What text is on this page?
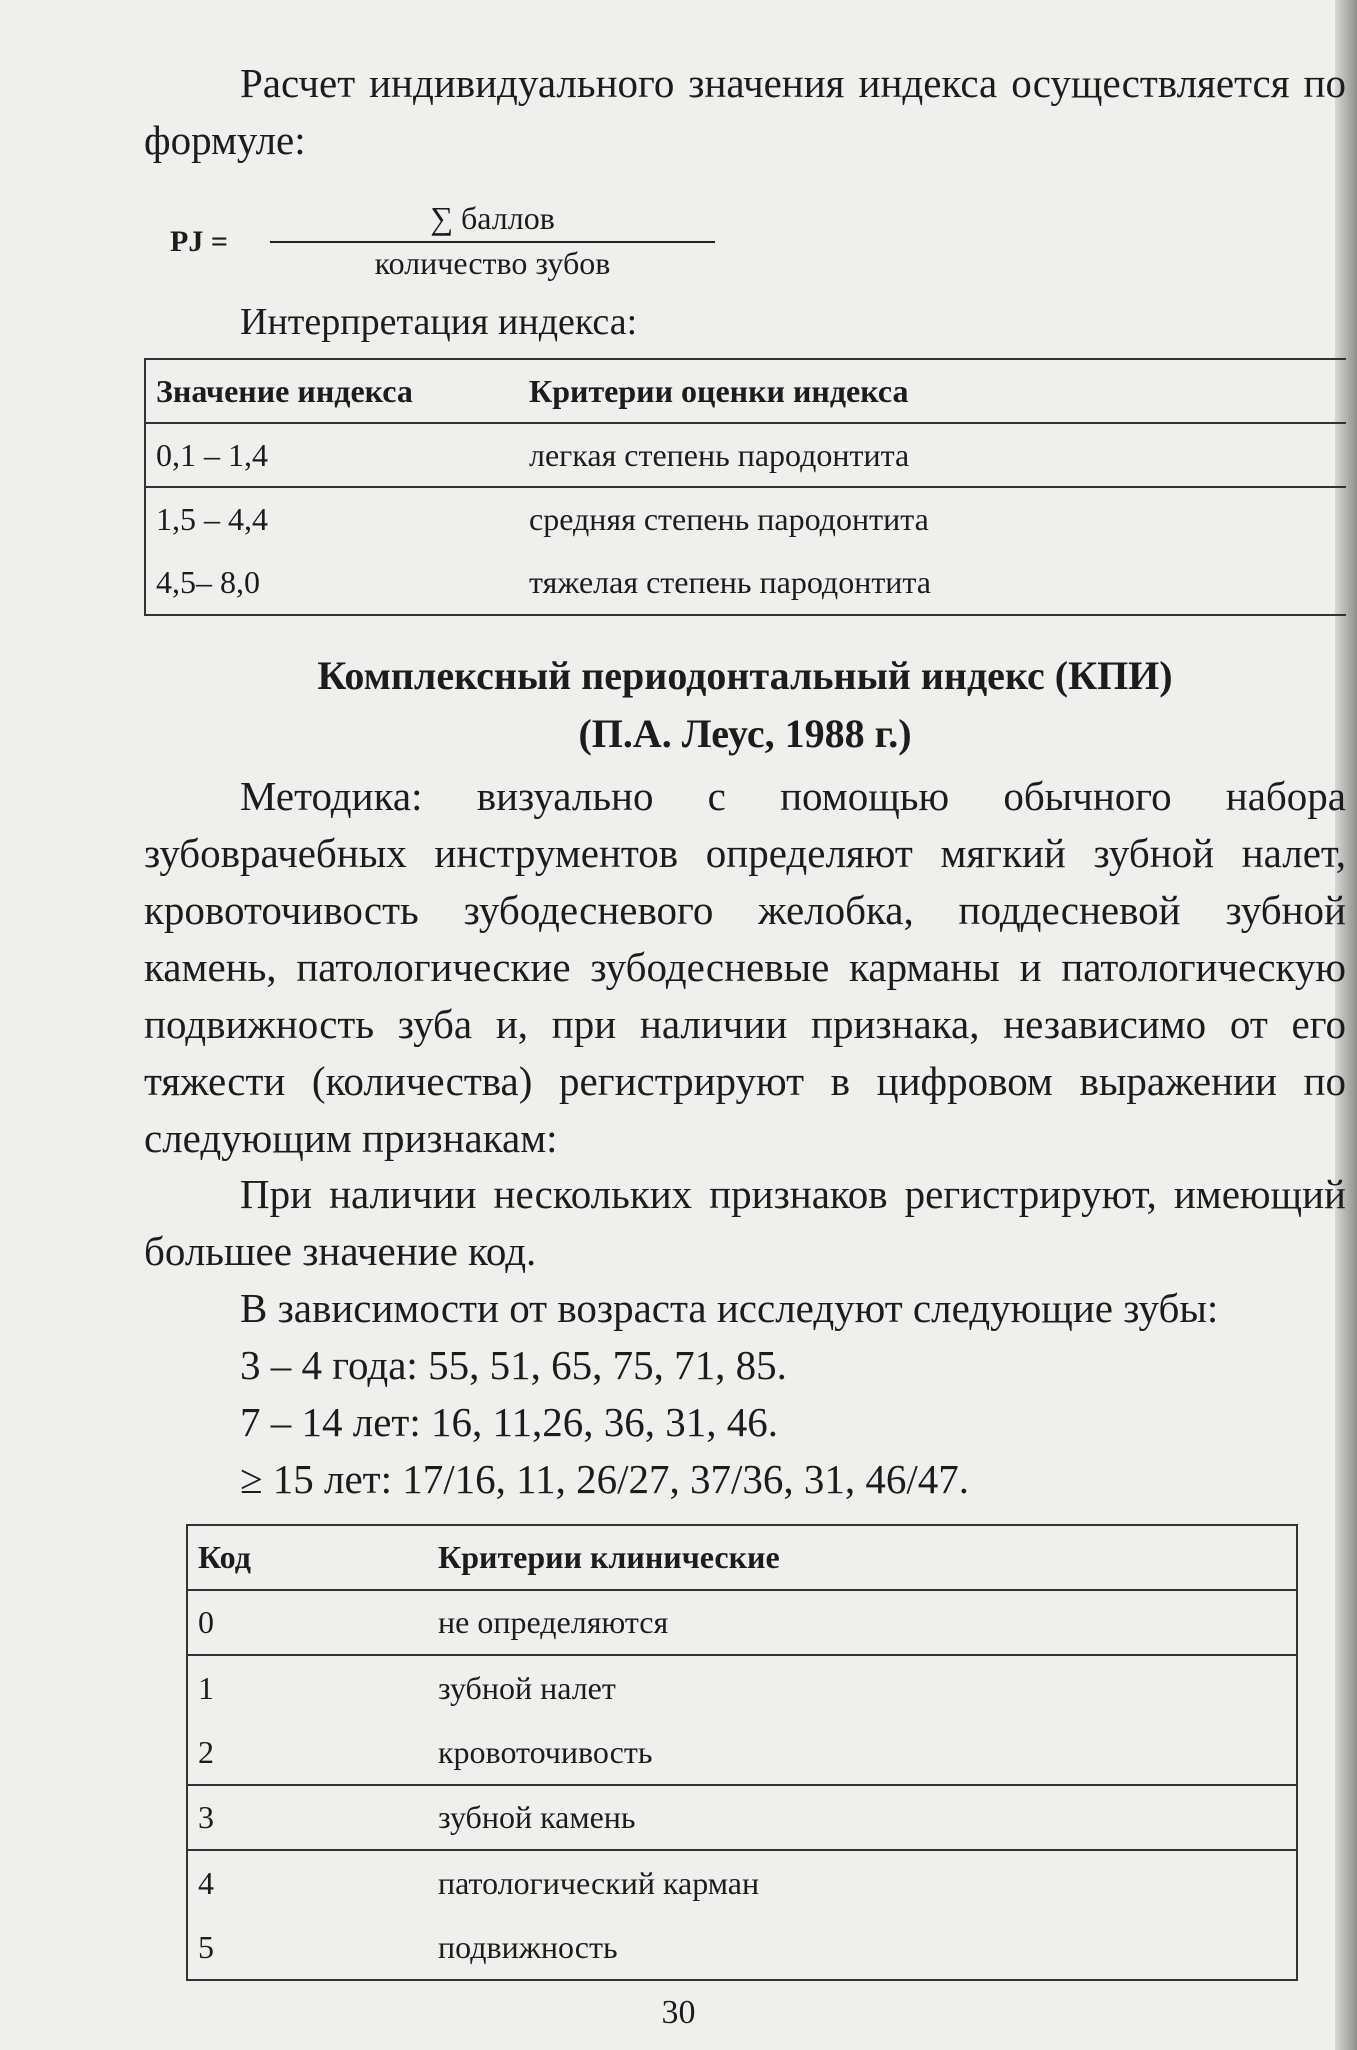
Расчет индивидуального значения индекса осуществляется по формуле:
PJ =
∑ баллов
количество зубов
Интерпретация индекса:
Значение индекса	Критерии оценки индекса
0,1 – 1,4	легкая степень пародонтита
1,5 – 4,4	средняя степень пародонтита
4,5– 8,0	тяжелая степень пародонтита
Комплексный периодонтальный индекс (КПИ)
(П.А. Леус, 1988 г.)
Методика: визуально с помощью обычного набора зубоврачебных инструментов определяют мягкий зубной налет, кровоточивость зубодесневого желобка, поддесневой зубной камень, патологические зубодесневые карманы и патологическую подвижность зуба и, при наличии признака, независимо от его тяжести (количества) регистрируют в цифровом выражении по следующим признакам:
При наличии нескольких признаков регистрируют, имеющий большее значение код.
В зависимости от возраста исследуют следующие зубы:
3 – 4 года: 55, 51, 65, 75, 71, 85.
7 – 14 лет: 16, 11,26, 36, 31, 46.
≥ 15 лет: 17/16, 11, 26/27, 37/36, 31, 46/47.
Код	Критерии клинические
0	не определяются
1	зубной налет
2	кровоточивость
3	зубной камень
4	патологический карман
5	подвижность
30
